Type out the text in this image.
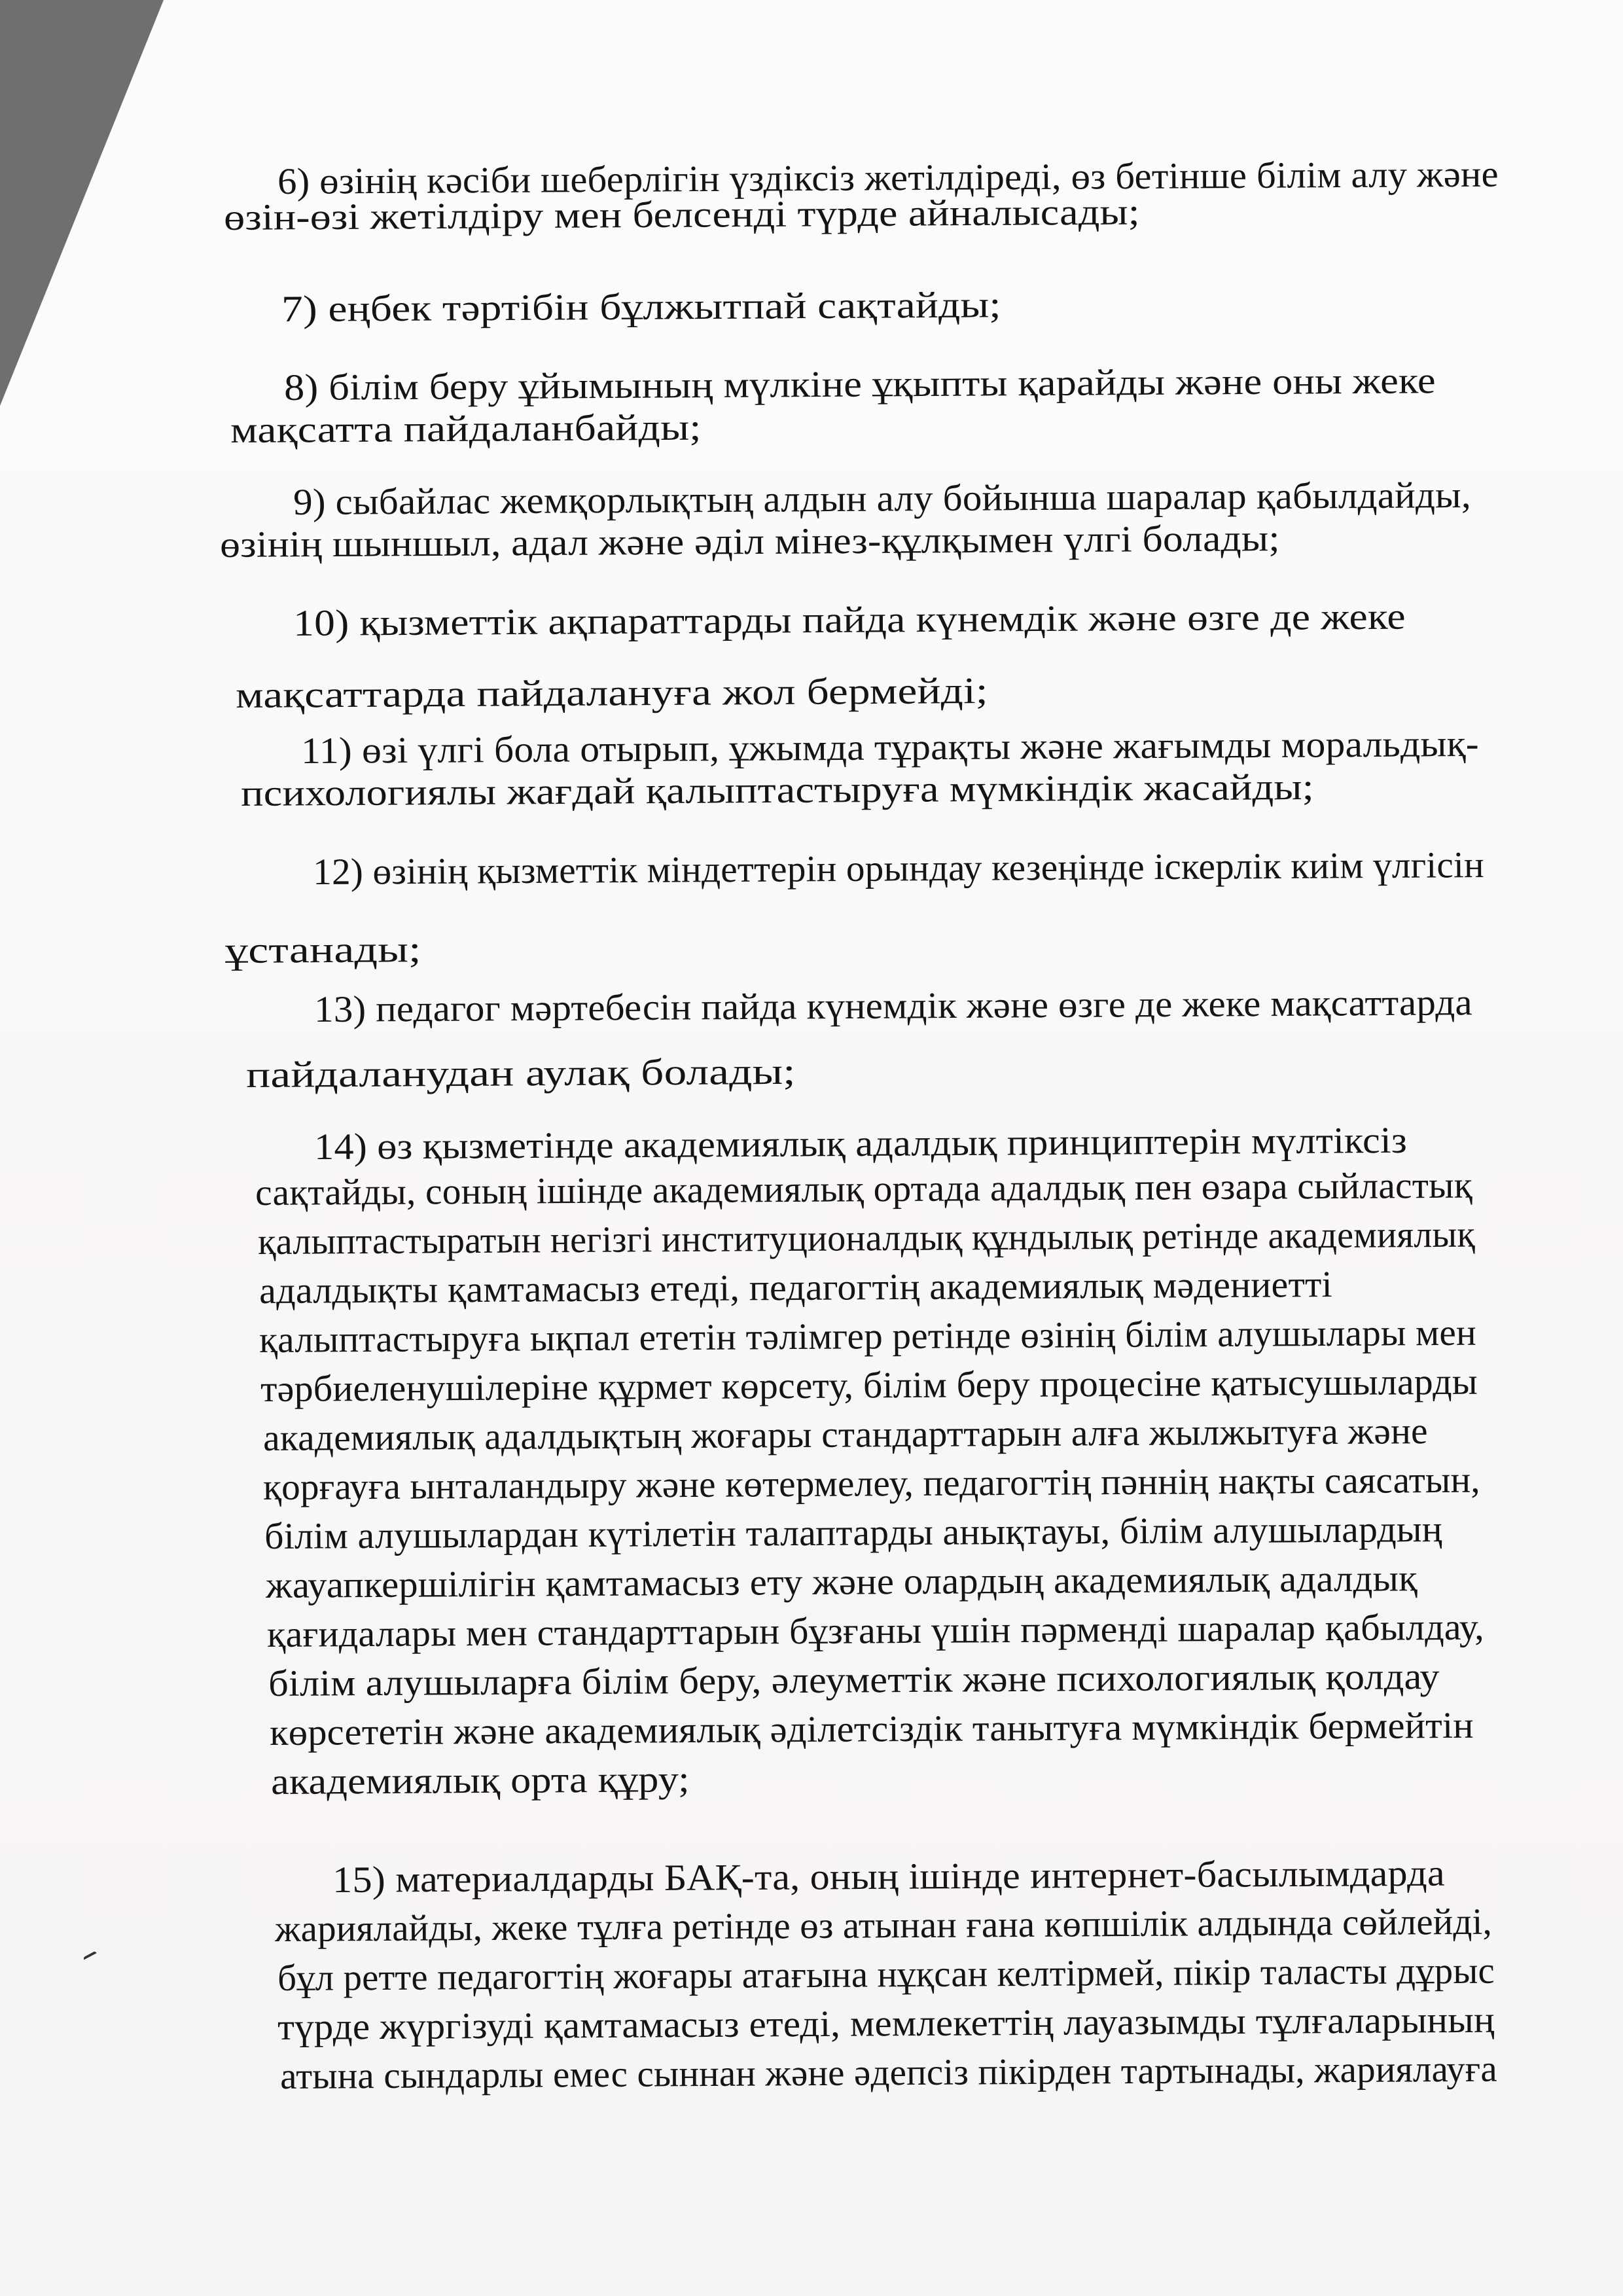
6) өзінің кәсіби шеберлігін үздіксіз жетілдіреді, өз бетінше білім алу және

өзін-өзі жетілдіру мен белсенді түрде айналысады;

7) еңбек тәртібін бұлжытпай сақтайды;

8) білім беру ұйымының мүлкіне ұқыпты қарайды және оны жеке

мақсатта пайдаланбайды;

9) сыбайлас жемқорлықтың алдын алу бойынша шаралар қабылдайды,

өзінің шыншыл, адал және әділ мінез-құлқымен үлгі болады;

10) қызметтік ақпараттарды пайда күнемдік және өзге де жеке

мақсаттарда пайдалануға жол бермейді;

11) өзі үлгі бола отырып, ұжымда тұрақты және жағымды моральдық-

психологиялы жағдай қалыптастыруға мүмкіндік жасайды;

12) өзінің қызметтік міндеттерін орындау кезеңінде іскерлік киім үлгісін

ұстанады;

13) педагог мәртебесін пайда күнемдік және өзге де жеке мақсаттарда

пайдаланудан аулақ болады;

14) өз қызметінде академиялық адалдық принциптерін мүлтіксіз

сақтайды, соның ішінде академиялық ортада адалдық пен өзара сыйластық

қалыптастыратын негізгі институционалдық құндылық ретінде академиялық

адалдықты қамтамасыз етеді, педагогтің академиялық мәдениетті

қалыптастыруға ықпал ететін тәлімгер ретінде өзінің білім алушылары мен

тәрбиеленушілеріне құрмет көрсету, білім беру процесіне қатысушыларды

академиялық адалдықтың жоғары стандарттарын алға жылжытуға және

қорғауға ынталандыру және көтермелеу, педагогтің пәннің нақты саясатын,

білім алушылардан күтілетін талаптарды анықтауы, білім алушылардың

жауапкершілігін қамтамасыз ету және олардың академиялық адалдық

қағидалары мен стандарттарын бұзғаны үшін пәрменді шаралар қабылдау,

білім алушыларға білім беру, әлеуметтік және психологиялық қолдау

көрсететін және академиялық әділетсіздік танытуға мүмкіндік бермейтін

академиялық орта құру;

15) материалдарды БАҚ-та, оның ішінде интернет-басылымдарда

жариялайды, жеке тұлға ретінде өз атынан ғана көпшілік алдында сөйлейді,

бұл ретте педагогтің жоғары атағына нұқсан келтірмей, пікір таласты дұрыс

түрде жүргізуді қамтамасыз етеді, мемлекеттің лауазымды тұлғаларының

атына сындарлы емес сыннан және әдепсіз пікірден тартынады, жариялауға
